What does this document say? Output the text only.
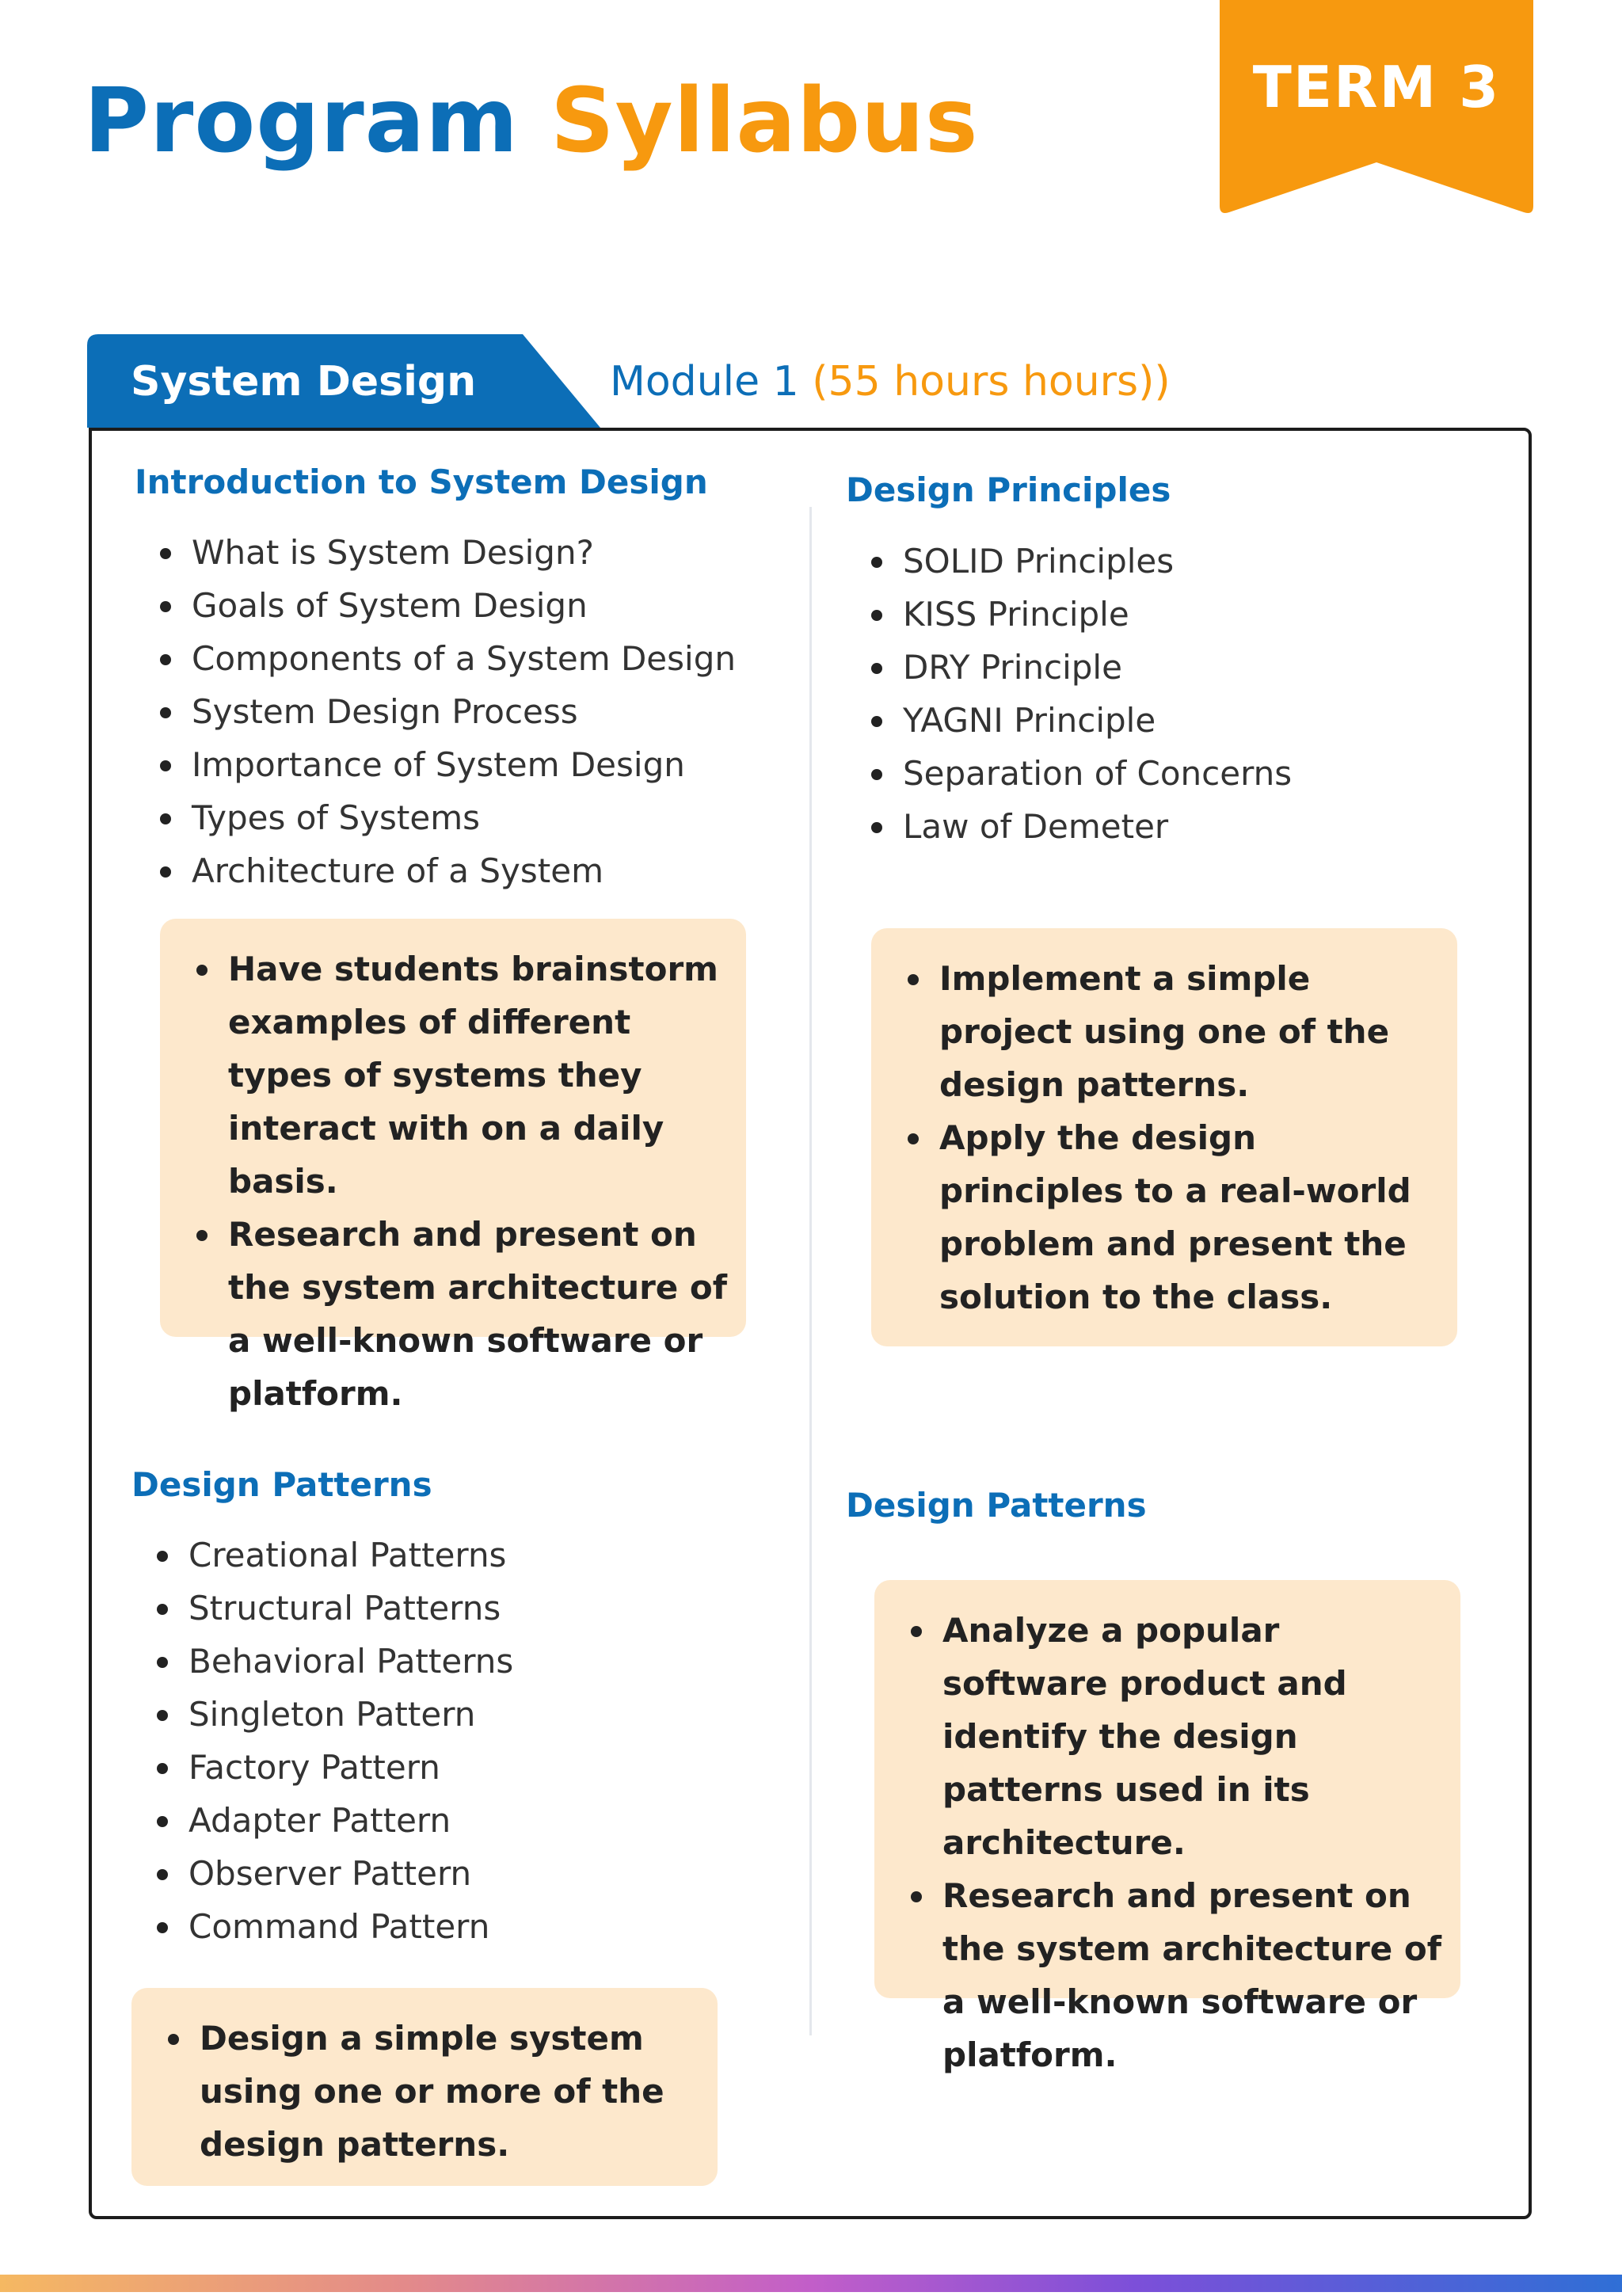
Program Syllabus	TERM 3
System Design	Module 1 (55 hours hours))
Introduction to System Design
What is System Design?
Goals of System Design
Components of a System Design
System Design Process
Importance of System Design
Types of Systems
Architecture of a System
Have students brainstorm examples of different types of systems they interact with on a daily basis.
Research and present on the system architecture of a well-known software or platform.
Design Principles
SOLID Principles
KISS Principle
DRY Principle
YAGNI Principle
Separation of Concerns
Law of Demeter
Implement a simple project using one of the design patterns.
Apply the design principles to a real-world problem and present the solution to the class.
Design Patterns
Creational Patterns
Structural Patterns
Behavioral Patterns
Singleton Pattern
Factory Pattern
Adapter Pattern
Observer Pattern
Command Pattern
Design a simple system using one or more of the design patterns.
Design Patterns
Analyze a popular software product and identify the design patterns used in its architecture.
Research and present on the system architecture of a well-known software or platform.
